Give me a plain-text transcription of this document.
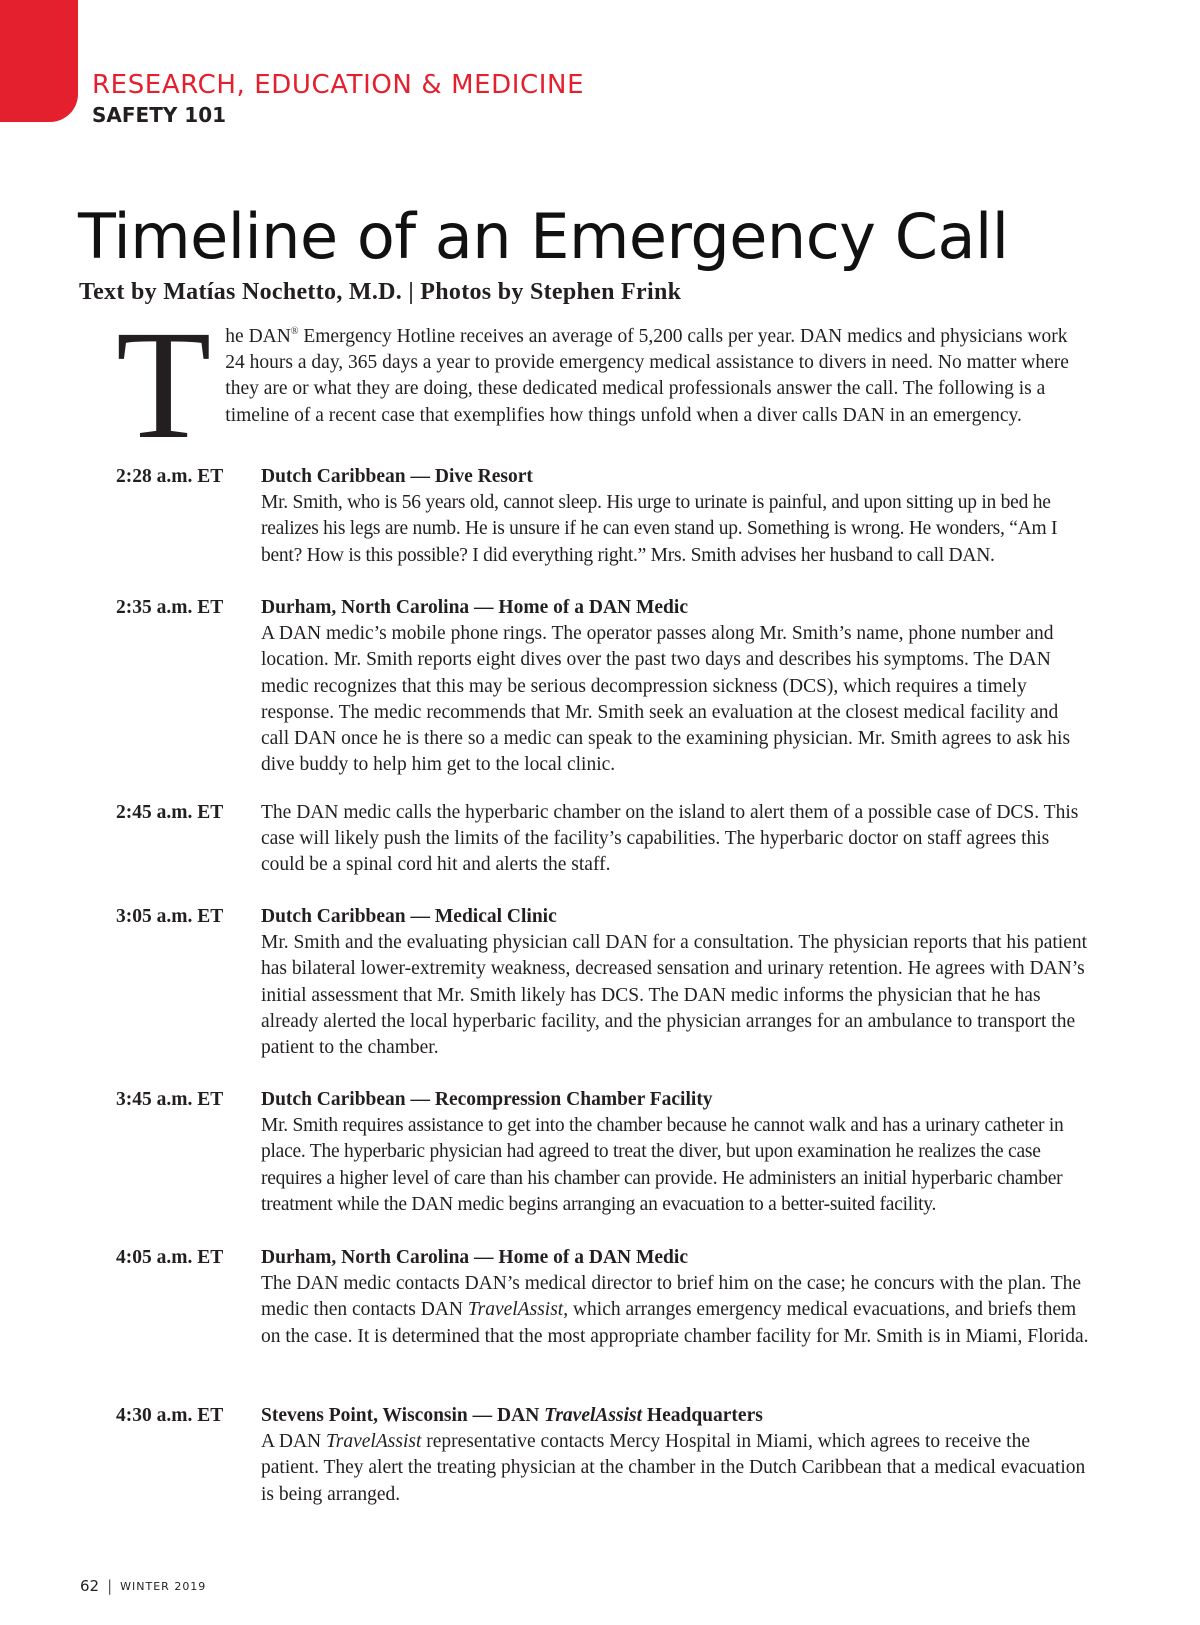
RESEARCH, EDUCATION & MEDICINE
SAFETY 101
Timeline of an Emergency Call
Text by Matías Nochetto, M.D. | Photos by Stephen Frink
T he DAN® Emergency Hotline receives an average of 5,200 calls per year. DAN medics and physicians work 24 hours a day, 365 days a year to provide emergency medical assistance to divers in need. No matter where they are or what they are doing, these dedicated medical professionals answer the call. The following is a timeline of a recent case that exemplifies how things unfold when a diver calls DAN in an emergency.

2:28 a.m. ET	Dutch Caribbean — Dive Resort

Mr. Smith, who is 56 years old, cannot sleep. His urge to urinate is painful, and upon sitting up in bed he realizes his legs are numb. He is unsure if he can even stand up. Something is wrong. He wonders, “Am I bent? How is this possible? I did everything right.” Mrs. Smith advises her husband to call DAN.

2:35 a.m. ET	Durham, North Carolina — Home of a DAN Medic

A DAN medic’s mobile phone rings. The operator passes along Mr. Smith’s name, phone number and location. Mr. Smith reports eight dives over the past two days and describes his symptoms. The DAN medic recognizes that this may be serious decompression sickness (DCS), which requires a timely response. The medic recommends that Mr. Smith seek an evaluation at the closest medical facility and call DAN once he is there so a medic can speak to the examining physician. Mr. Smith agrees to ask his dive buddy to help him get to the local clinic.

2:45 a.m. ET	The DAN medic calls the hyperbaric chamber on the island to alert them of a possible case of DCS. This case will likely push the limits of the facility’s capabilities. The hyperbaric doctor on staff agrees this could be a spinal cord hit and alerts the staff.

3:05 a.m. ET	Dutch Caribbean — Medical Clinic

Mr. Smith and the evaluating physician call DAN for a consultation. The physician reports that his patient has bilateral lower-extremity weakness, decreased sensation and urinary retention. He agrees with DAN’s initial assessment that Mr. Smith likely has DCS. The DAN medic informs the physician that he has already alerted the local hyperbaric facility, and the physician arranges for an ambulance to transport the patient to the chamber.

3:45 a.m. ET	Dutch Caribbean — Recompression Chamber Facility

Mr. Smith requires assistance to get into the chamber because he cannot walk and has a urinary catheter in place. The hyperbaric physician had agreed to treat the diver, but upon examination he realizes the case requires a higher level of care than his chamber can provide. He administers an initial hyperbaric chamber treatment while the DAN medic begins arranging an evacuation to a better-suited facility.

4:05 a.m. ET	Durham, North Carolina — Home of a DAN Medic

The DAN medic contacts DAN’s medical director to brief him on the case; he concurs with the plan. The medic then contacts DAN TravelAssist, which arranges emergency medical evacuations, and briefs them on the case. It is determined that the most appropriate chamber facility for Mr. Smith is in Miami, Florida.

4:30 a.m. ET	Stevens Point, Wisconsin — DAN TravelAssist Headquarters

A DAN TravelAssist representative contacts Mercy Hospital in Miami, which agrees to receive the patient. They alert the treating physician at the chamber in the Dutch Caribbean that a medical evacuation is being arranged.

62 | WINTER 2019
